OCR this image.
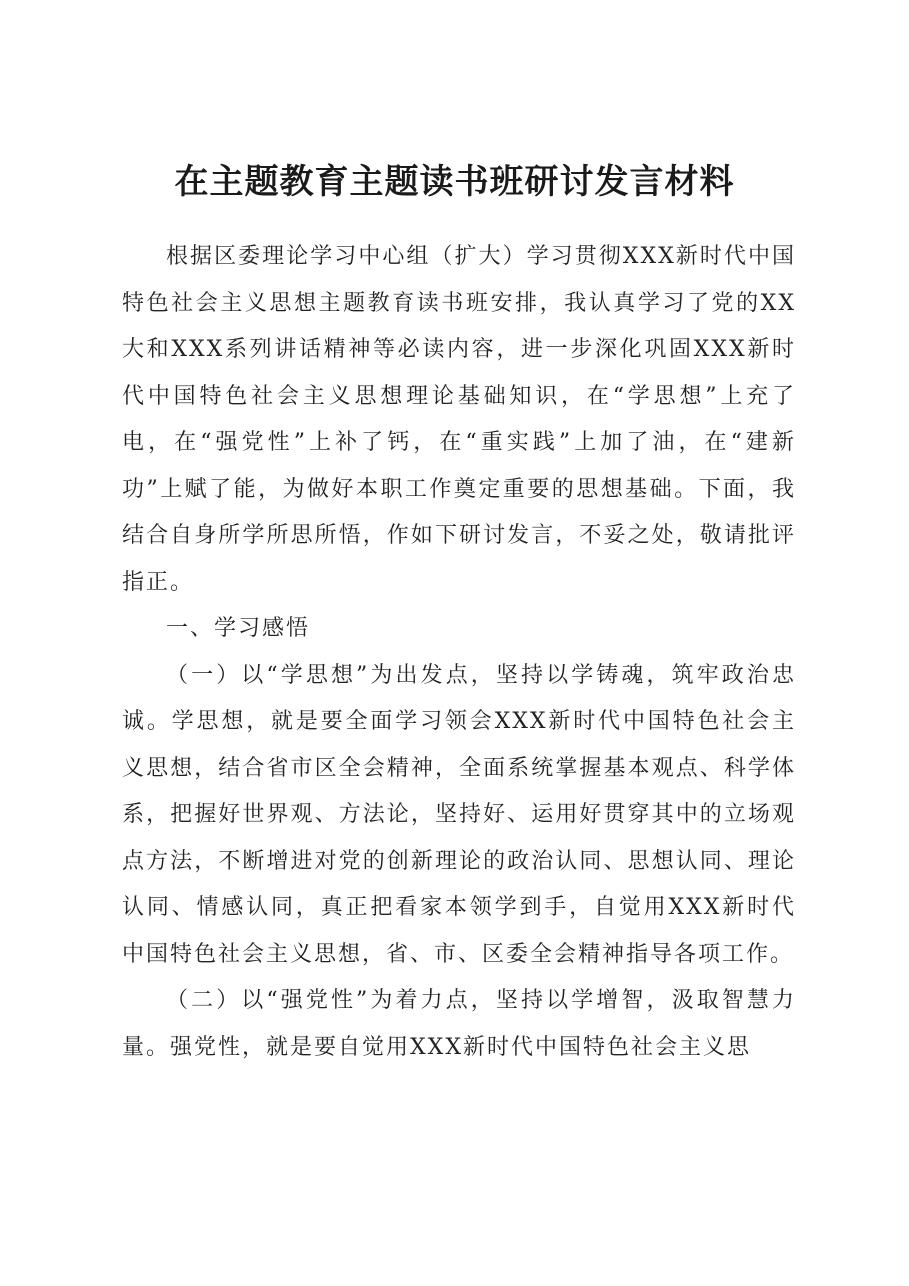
在主题教育主题读书班研讨发言材料

根据区委理论学习中心组（扩大）学习贯彻XXX新时代中国特色社会主义思想主题教育读书班安排，我认真学习了党的XX大和XXX系列讲话精神等必读内容，进一步深化巩固XXX新时代中国特色社会主义思想理论基础知识，在“学思想”上充了电，在“强党性”上补了钙，在“重实践”上加了油，在“建新功”上赋了能，为做好本职工作奠定重要的思想基础。下面，我结合自身所学所思所悟，作如下研讨发言，不妥之处，敬请批评指正。

一、学习感悟

（一）以“学思想”为出发点，坚持以学铸魂，筑牢政治忠诚。学思想，就是要全面学习领会XXX新时代中国特色社会主义思想，结合省市区全会精神，全面系统掌握基本观点、科学体系，把握好世界观、方法论，坚持好、运用好贯穿其中的立场观点方法，不断增进对党的创新理论的政治认同、思想认同、理论认同、情感认同，真正把看家本领学到手，自觉用XXX新时代中国特色社会主义思想，省、市、区委全会精神指导各项工作。

（二）以“强党性”为着力点，坚持以学增智，汲取智慧力量。强党性，就是要自觉用XXX新时代中国特色社会主义思
